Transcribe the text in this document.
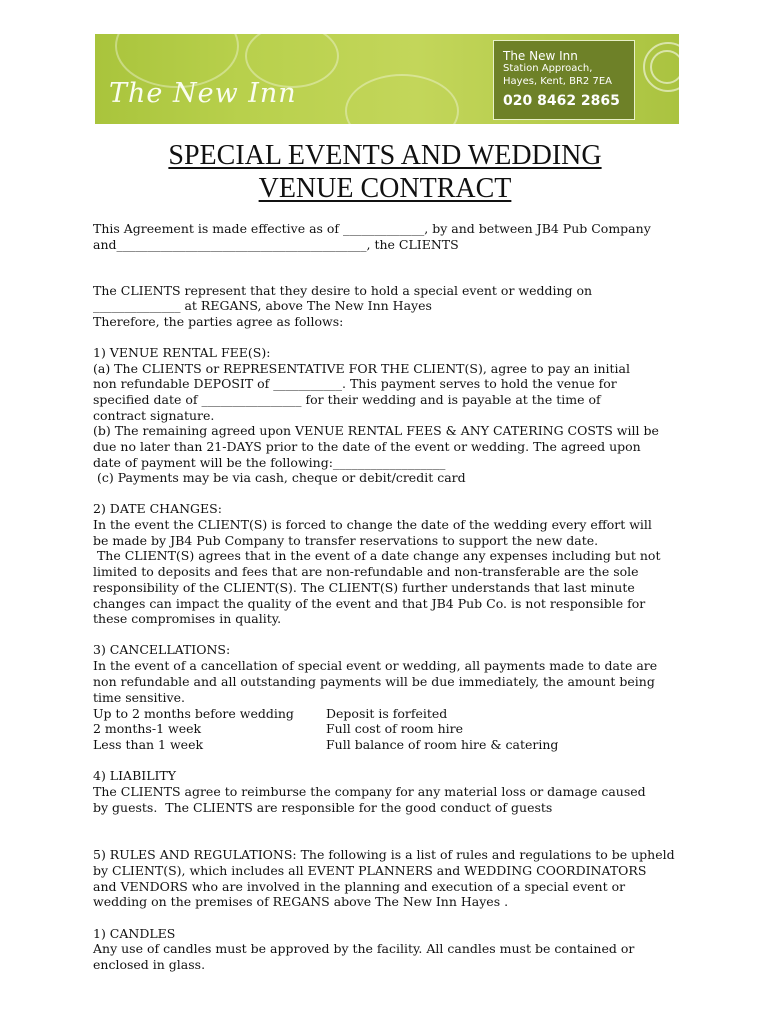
The New Inn
The New Inn
Station Approach,
Hayes, Kent, BR2 7EA
020 8462 2865
SPECIAL EVENTS AND WEDDING
VENUE CONTRACT
This Agreement is made effective as of _____________, by and between JB4 Pub Company
and________________________________________, the CLIENTS
The CLIENTS represent that they desire to hold a special event or wedding on
______________ at REGANS, above The New Inn Hayes
Therefore, the parties agree as follows:
1) VENUE RENTAL FEE(S):
(a) The CLIENTS or REPRESENTATIVE FOR THE CLIENT(S), agree to pay an initial
non refundable DEPOSIT of ___________. This payment serves to hold the venue for
specified date of ________________ for their wedding and is payable at the time of
contract signature.
(b) The remaining agreed upon VENUE RENTAL FEES & ANY CATERING COSTS will be
due no later than 21-DAYS prior to the date of the event or wedding. The agreed upon
date of payment will be the following:__________________
(c) Payments may be via cash, cheque or debit/credit card
2) DATE CHANGES:
In the event the CLIENT(S) is forced to change the date of the wedding every effort will
be made by JB4 Pub Company to transfer reservations to support the new date.
The CLIENT(S) agrees that in the event of a date change any expenses including but not
limited to deposits and fees that are non-refundable and non-transferable are the sole
responsibility of the CLIENT(S). The CLIENT(S) further understands that last minute
changes can impact the quality of the event and that JB4 Pub Co. is not responsible for
these compromises in quality.
3) CANCELLATIONS:
In the event of a cancellation of special event or wedding, all payments made to date are
non refundable and all outstanding payments will be due immediately, the amount being
time sensitive.
Up to 2 months before wedding	Deposit is forfeited
2 months-1 week	Full cost of room hire
Less than 1 week	Full balance of room hire & catering
4) LIABILITY
The CLIENTS agree to reimburse the company for any material loss or damage caused
by guests.  The CLIENTS are responsible for the good conduct of guests
5) RULES AND REGULATIONS: The following is a list of rules and regulations to be upheld
by CLIENT(S), which includes all EVENT PLANNERS and WEDDING COORDINATORS
and VENDORS who are involved in the planning and execution of a special event or
wedding on the premises of REGANS above The New Inn Hayes .
1) CANDLES
Any use of candles must be approved by the facility. All candles must be contained or
enclosed in glass.
